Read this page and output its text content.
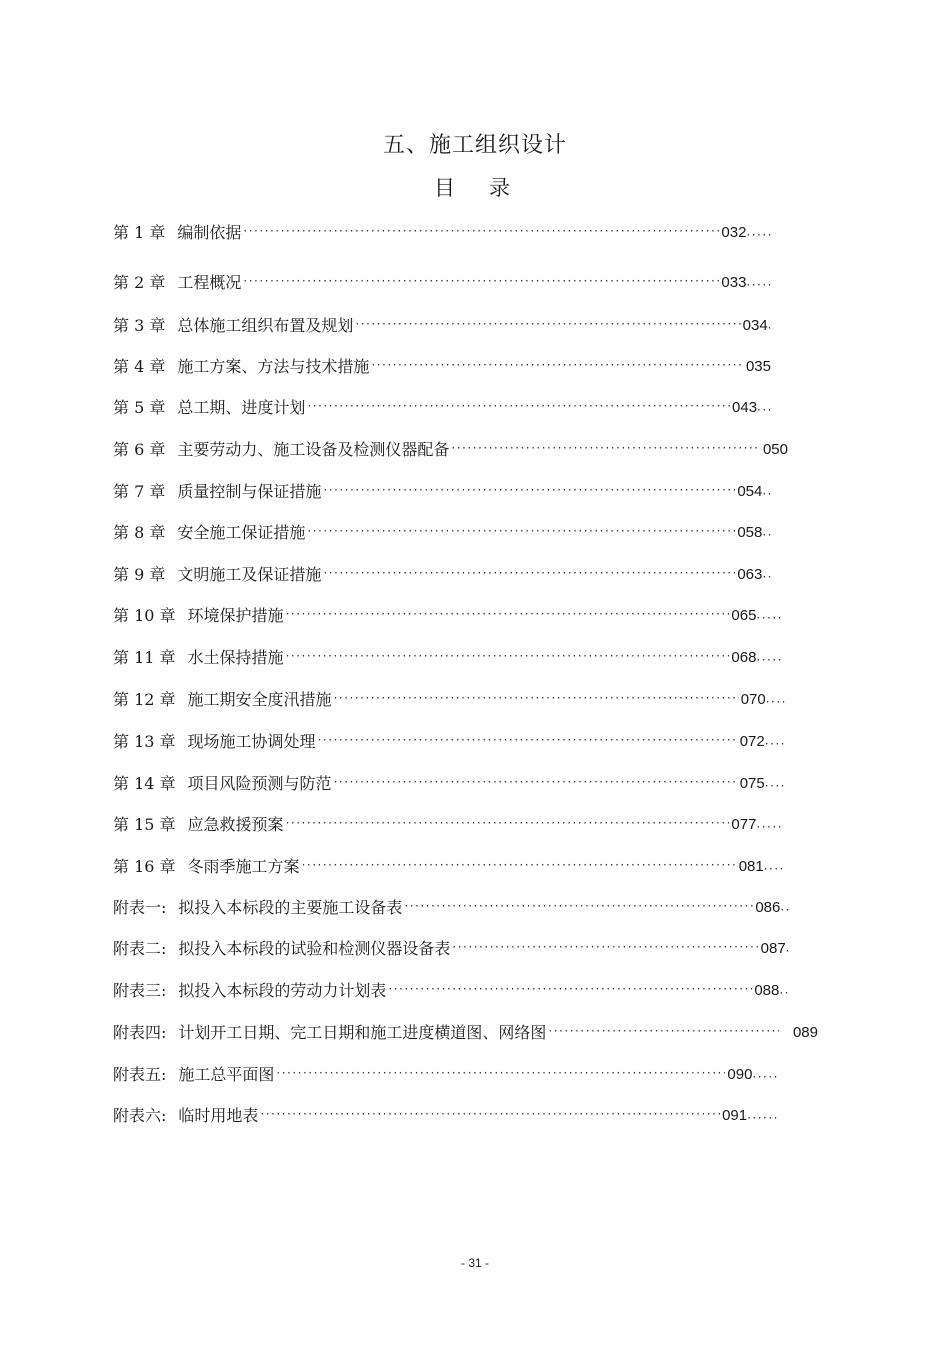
五、施工组织设计
目 录
第 1 章 编制依据 ·····	032 ·····
第 2 章 工程概况 ·····	033 ·····
第 3 章 总体施工组织布置及规划 ·····	034 ·
第 4 章 施工方案、方法与技术措施 ·····	035
第 5 章 总工期、进度计划 ·····	043 ···
第 6 章 主要劳动力、施工设备及检测仪器配备 ·····	050
第 7 章 质量控制与保证措施 ·····	054 ··
第 8 章 安全施工保证措施 ·····	058 ··
第 9 章 文明施工及保证措施 ·····	063 ··
第 10 章 环境保护措施 ·····	065 ·····
第 11 章 水土保持措施 ·····	068 ·····
第 12 章 施工期安全度汛措施 ·····	070 ····
第 13 章 现场施工协调处理 ·····	072 ····
第 14 章 项目风险预测与防范 ·····	075 ····
第 15 章 应急救援预案 ·····	077 ·····
第 16 章 冬雨季施工方案 ·····	081 ····
附表一: 拟投入本标段的主要施工设备表 ·····	086 ··
附表二: 拟投入本标段的试验和检测仪器设备表 ·····	087 ·
附表三: 拟投入本标段的劳动力计划表 ·····	088 ··
附表四: 计划开工日期、完工日期和施工进度横道图、网络图 ·····	089
附表五: 施工总平面图 ·····	090 ·····
附表六: 临时用地表 ·····	091 ······
- 31 -
